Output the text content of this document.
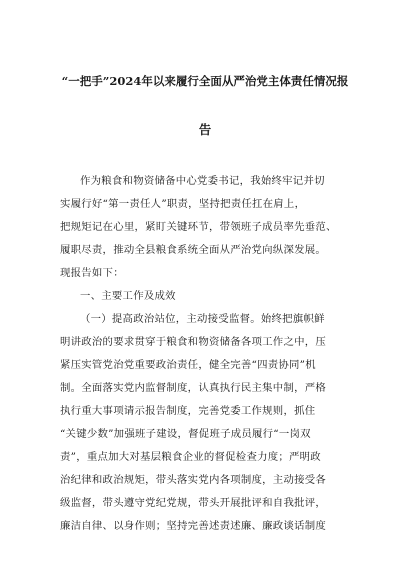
“一把手”2024年以来履行全面从严治党主体责任情况报
告
作为粮食和物资储备中心党委书记，我始终牢记并切
实履行好“第一责任人”职责，坚持把责任扛在肩上，
把规矩记在心里，紧盯关键环节，带领班子成员率先垂范、
履职尽责，推动全县粮食系统全面从严治党向纵深发展。
现报告如下：
一、主要工作及成效
（一）提高政治站位，主动接受监督。始终把旗帜鲜
明讲政治的要求贯穿于粮食和物资储备各项工作之中，压
紧压实管党治党重要政治责任，健全完善“四责协同”机
制。全面落实党内监督制度，认真执行民主集中制，严格
执行重大事项请示报告制度，完善党委工作规则，抓住
“关键少数”加强班子建设，督促班子成员履行“一岗双
责”，重点加大对基层粮食企业的督促检查力度；严明政
治纪律和政治规矩，带头落实党内各项制度，主动接受各
级监督，带头遵守党纪党规，带头开展批评和自我批评，
廉洁自律、以身作则；坚持完善述责述廉、廉政谈话制度
